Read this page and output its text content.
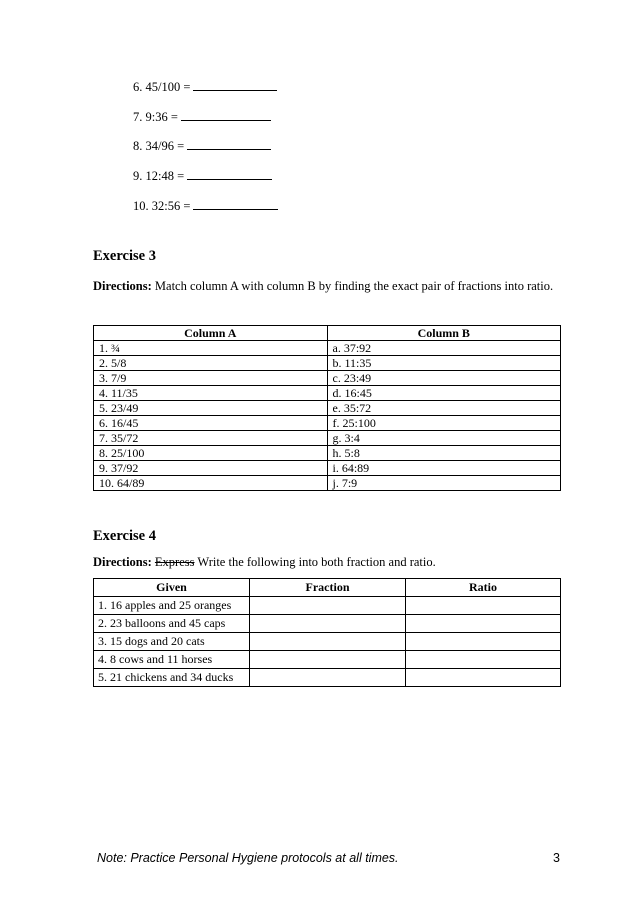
6. 45/100 =
7. 9:36 =
8. 34/96 =
9. 12:48 =
10. 32:56 =
Exercise 3
Directions: Match column A with column B by finding the exact pair of fractions into ratio.
Column A	Column B
1. ¾	a. 37:92
2. 5/8	b. 11:35
3. 7/9	c. 23:49
4. 11/35	d. 16:45
5. 23/49	e. 35:72
6. 16/45	f. 25:100
7. 35/72	g. 3:4
8. 25/100	h. 5:8
9. 37/92	i. 64:89
10. 64/89	j. 7:9
Exercise 4
Directions: Express Write the following into both fraction and ratio.
Given	Fraction	Ratio
1. 16 apples and 25 oranges		
2. 23 balloons and 45 caps		
3. 15 dogs and 20 cats		
4. 8 cows and 11 horses		
5. 21 chickens and 34 ducks		
Note: Practice Personal Hygiene protocols at all times.	3
